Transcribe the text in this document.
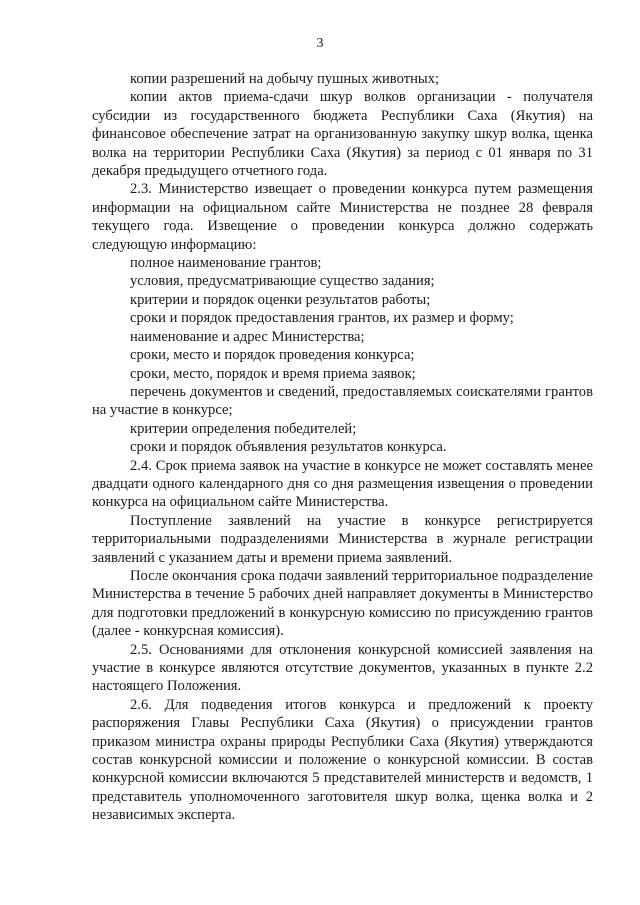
3

копии разрешений на добычу пушных животных;

копии актов приема-сдачи шкур волков организации - получателя субсидии из государственного бюджета Республики Саха (Якутия) на финансовое обеспечение затрат на организованную закупку шкур волка, щенка волка на территории Республики Саха (Якутия) за период с 01 января по 31 декабря предыдущего отчетного года.

2.3. Министерство извещает о проведении конкурса путем размещения информации на официальном сайте Министерства не позднее 28 февраля текущего года. Извещение о проведении конкурса должно содержать следующую информацию:

полное наименование грантов;

условия, предусматривающие существо задания;

критерии и порядок оценки результатов работы;

сроки и порядок предоставления грантов, их размер и форму;

наименование и адрес Министерства;

сроки, место и порядок проведения конкурса;

сроки, место, порядок и время приема заявок;

перечень документов и сведений, предоставляемых соискателями грантов на участие в конкурсе;

критерии определения победителей;

сроки и порядок объявления результатов конкурса.

2.4. Срок приема заявок на участие в конкурсе не может составлять менее двадцати одного календарного дня со дня размещения извещения о проведении конкурса на официальном сайте Министерства.

Поступление заявлений на участие в конкурсе регистрируется территориальными подразделениями Министерства в журнале регистрации заявлений с указанием даты и времени приема заявлений.

После окончания срока подачи заявлений территориальное подразделение Министерства в течение 5 рабочих дней направляет документы в Министерство для подготовки предложений в конкурсную комиссию по присуждению грантов (далее - конкурсная комиссия).

2.5. Основаниями для отклонения конкурсной комиссией заявления на участие в конкурсе являются отсутствие документов, указанных в пункте 2.2 настоящего Положения.

2.6. Для подведения итогов конкурса и предложений к проекту распоряжения Главы Республики Саха (Якутия) о присуждении грантов приказом министра охраны природы Республики Саха (Якутия) утверждаются состав конкурсной комиссии и положение о конкурсной комиссии. В состав конкурсной комиссии включаются 5 представителей министерств и ведомств, 1 представитель уполномоченного заготовителя шкур волка, щенка волка и 2 независимых эксперта.
